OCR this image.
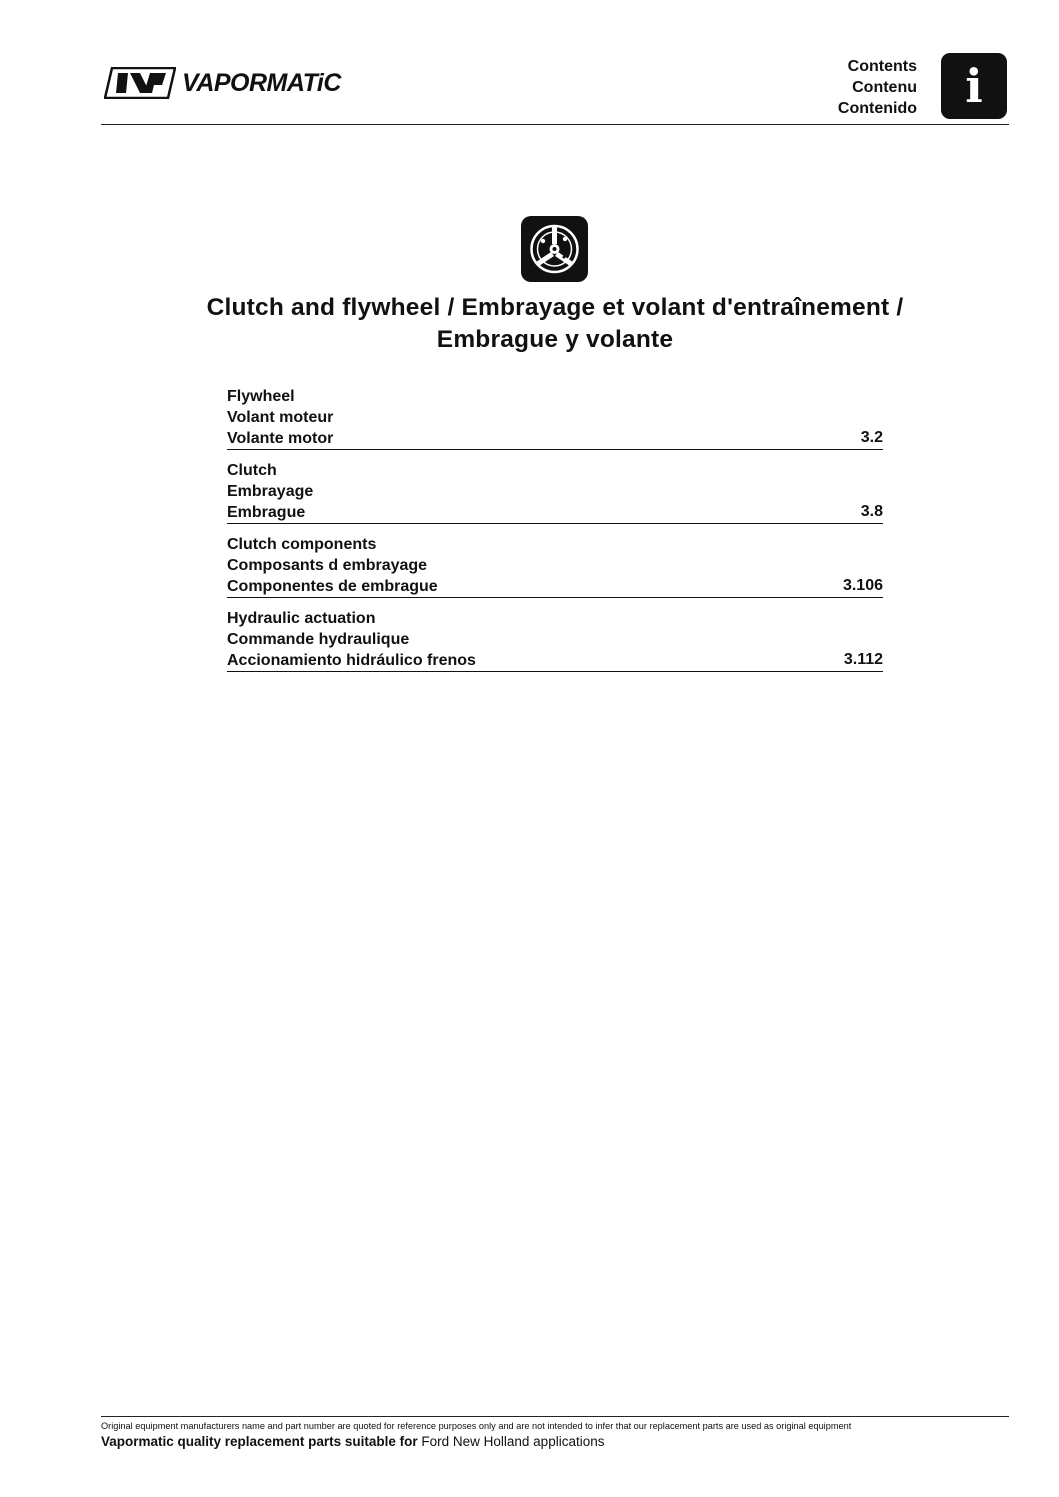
VAPORMATiC
Contents
Contenu
Contenido	i
Clutch and flywheel / Embrayage et volant d'entraînement /
Embrague y volante
Flywheel
Volant moteur
Volante motor	3.2
Clutch
Embrayage
Embrague	3.8
Clutch components
Composants d embrayage
Componentes de embrague	3.106
Hydraulic actuation
Commande hydraulique
Accionamiento hidráulico frenos	3.112
Original equipment manufacturers name and part number are quoted for reference purposes only and are not intended to infer that our replacement parts are used as original equipment
Vapormatic quality replacement parts suitable for Ford New Holland applications
